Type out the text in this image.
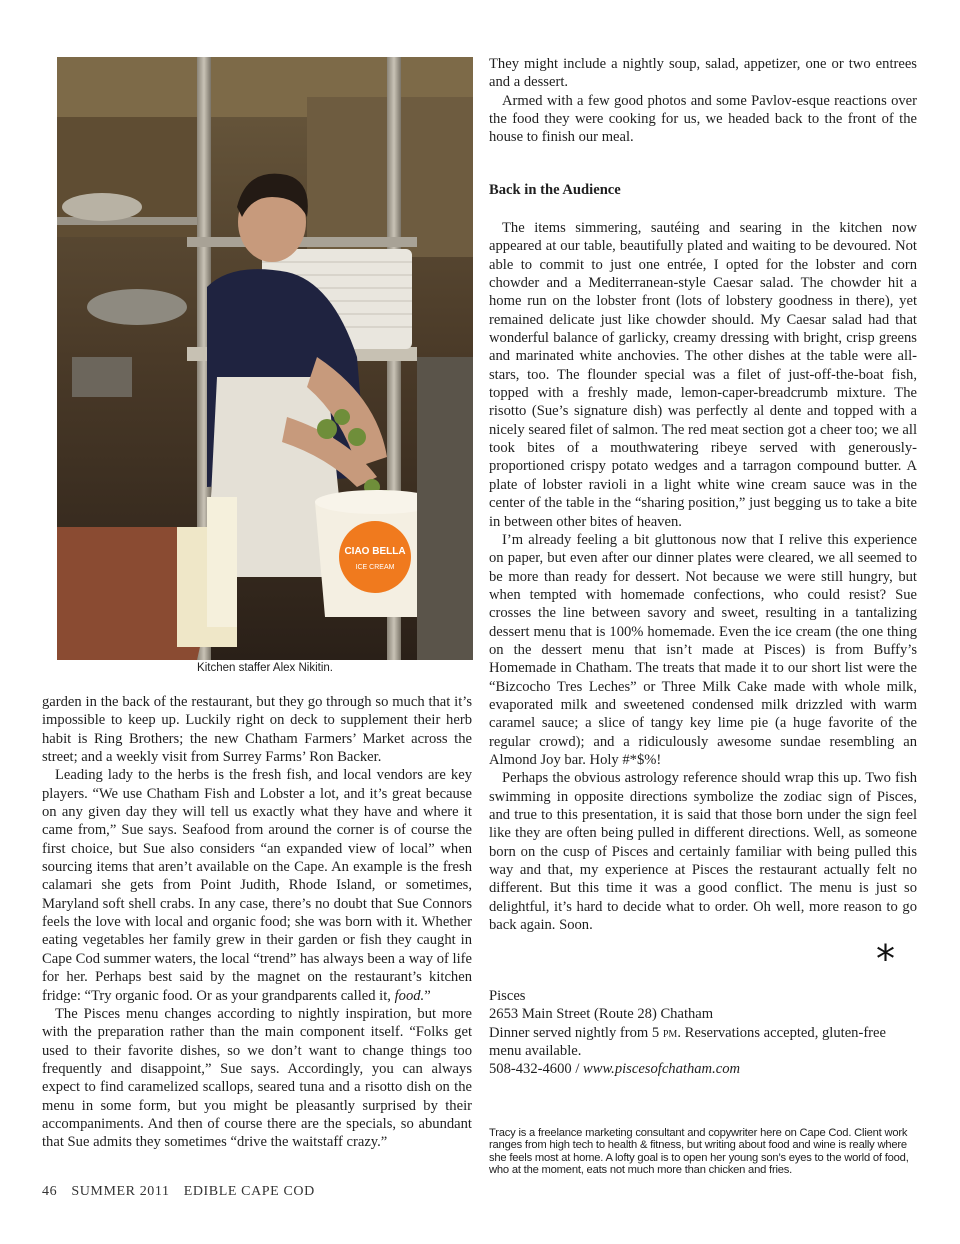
CIAO BELLA
ICE CREAM
Kitchen staffer Alex Nikitin.

garden in the back of the restaurant, but they go through so much that it’s impossible to keep up. Luckily right on deck to supplement their herb habit is Ring Brothers; the new Chatham Farmers’ Market across the street; and a weekly visit from Surrey Farms’ Ron Backer.

Leading lady to the herbs is the fresh fish, and local vendors are key players. “We use Chatham Fish and Lobster a lot, and it’s great because on any given day they will tell us exactly what they have and where it came from,” Sue says. Seafood from around the corner is of course the first choice, but Sue also considers “an expanded view of local” when sourcing items that aren’t available on the Cape. An example is the fresh calamari she gets from Point Judith, Rhode Island, or sometimes, Maryland soft shell crabs. In any case, there’s no doubt that Sue Connors feels the love with local and organic food; she was born with it. Whether eating vegetables her family grew in their garden or fish they caught in Cape Cod summer waters, the local “trend” has always been a way of life for her. Perhaps best said by the magnet on the restaurant’s kitchen fridge: “Try organic food. Or as your grandparents called it, food.”

The Pisces menu changes according to nightly inspiration, but more with the preparation rather than the main component itself. “Folks get used to their favorite dishes, so we don’t want to change things too frequently and disappoint,” Sue says. Accordingly, you can always expect to find caramelized scallops, seared tuna and a risotto dish on the menu in some form, but you might be pleasantly surprised by their accompaniments. And then of course there are the specials, so abundant that Sue admits they sometimes “drive the waitstaff crazy.”

They might include a nightly soup, salad, appetizer, one or two entrees and a dessert.

Armed with a few good photos and some Pavlov-esque reactions over the food they were cooking for us, we headed back to the front of the house to finish our meal.

Back in the Audience

The items simmering, sautéing and searing in the kitchen now appeared at our table, beautifully plated and waiting to be devoured. Not able to commit to just one entrée, I opted for the lobster and corn chowder and a Mediterranean-style Caesar salad. The chowder hit a home run on the lobster front (lots of lobstery goodness in there), yet remained delicate just like chowder should. My Caesar salad had that wonderful balance of garlicky, creamy dressing with bright, crisp greens and marinated white anchovies. The other dishes at the table were all-stars, too. The flounder special was a filet of just-off-the-boat fish, topped with a freshly made, lemon-caper-breadcrumb mixture. The risotto (Sue’s signature dish) was perfectly al dente and topped with a nicely seared filet of salmon. The red meat section got a cheer too; we all took bites of a mouthwatering ribeye served with generously-proportioned crispy potato wedges and a tarragon compound butter. A plate of lobster ravioli in a light white wine cream sauce was in the center of the table in the “sharing position,” just begging us to take a bite in between other bites of heaven.

I’m already feeling a bit gluttonous now that I relive this experience on paper, but even after our dinner plates were cleared, we all seemed to be more than ready for dessert. Not because we were still hungry, but when tempted with homemade confections, who could resist? Sue crosses the line between savory and sweet, resulting in a tantalizing dessert menu that is 100% homemade. Even the ice cream (the one thing on the dessert menu that isn’t made at Pisces) is from Buffy’s Homemade in Chatham. The treats that made it to our short list were the “Bizcocho Tres Leches” or Three Milk Cake made with whole milk, evaporated milk and sweetened condensed milk drizzled with warm caramel sauce; a slice of tangy key lime pie (a huge favorite of the regular crowd); and a ridiculously awesome sundae resembling an Almond Joy bar. Holy #*$%!

Perhaps the obvious astrology reference should wrap this up. Two fish swimming in opposite directions symbolize the zodiac sign of Pisces, and true to this presentation, it is said that those born under the sign feel like they are often being pulled in different directions. Well, as someone born on the cusp of Pisces and certainly familiar with being pulled this way and that, my experience at Pisces the restaurant actually felt no different. But this time it was a good conflict. The menu is just so delightful, it’s hard to decide what to order. Oh well, more reason to go back again. Soon.

*
Pisces
2653 Main Street (Route 28) Chatham
Dinner served nightly from 5 pm. Reservations accepted, gluten-free menu available.
508-432-4600 / www.piscesofchatham.com
Tracy is a freelance marketing consultant and copywriter here on Cape Cod. Client work ranges from high tech to health & fitness, but writing about food and wine is really where she feels most at home. A lofty goal is to open her young son’s eyes to the world of food, who at the moment, eats not much more than chicken and fries.
46 SUMMER 2011 EDIBLE CAPE COD
